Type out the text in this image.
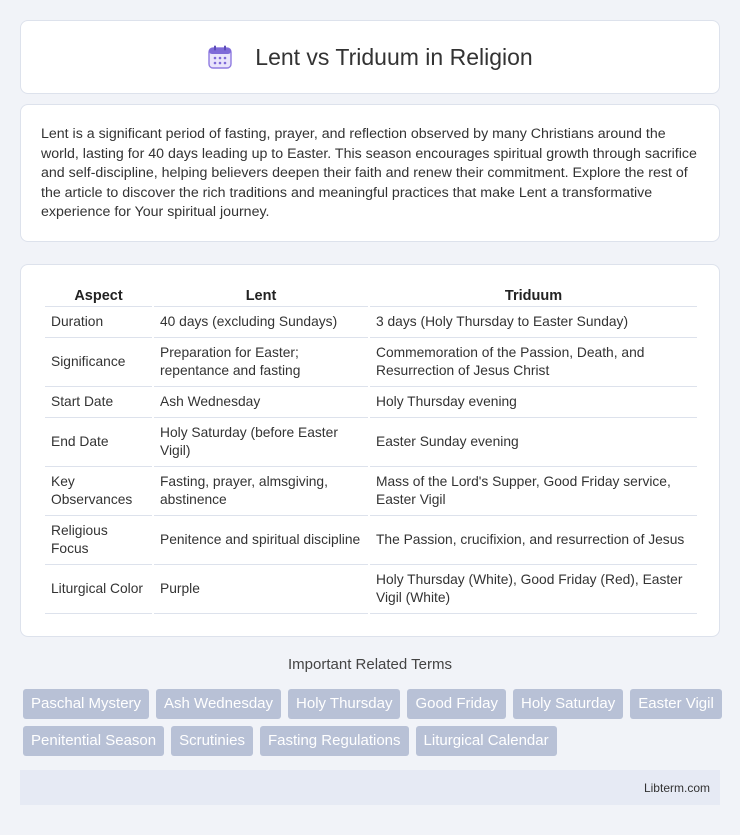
Lent vs Triduum in Religion

Lent is a significant period of fasting, prayer, and reflection observed by many Christians around the world, lasting for 40 days leading up to Easter. This season encourages spiritual growth through sacrifice and self-discipline, helping believers deepen their faith and renew their commitment. Explore the rest of the article to discover the rich traditions and meaningful practices that make Lent a transformative experience for Your spiritual journey.

Aspect	Lent	Triduum
Duration	40 days (excluding Sundays)	3 days (Holy Thursday to Easter Sunday)
Significance	Preparation for Easter; repentance and fasting	Commemoration of the Passion, Death, and Resurrection of Jesus Christ
Start Date	Ash Wednesday	Holy Thursday evening
End Date	Holy Saturday (before Easter Vigil)	Easter Sunday evening
Key Observances	Fasting, prayer, almsgiving, abstinence	Mass of the Lord's Supper, Good Friday service, Easter Vigil
Religious Focus	Penitence and spiritual discipline	The Passion, crucifixion, and resurrection of Jesus
Liturgical Color	Purple	Holy Thursday (White), Good Friday (Red), Easter Vigil (White)
Important Related Terms
Paschal Mystery	Ash Wednesday	Holy Thursday	Good Friday	Holy Saturday	Easter Vigil
Penitential Season	Scrutinies	Fasting Regulations	Liturgical Calendar
Libterm.com
